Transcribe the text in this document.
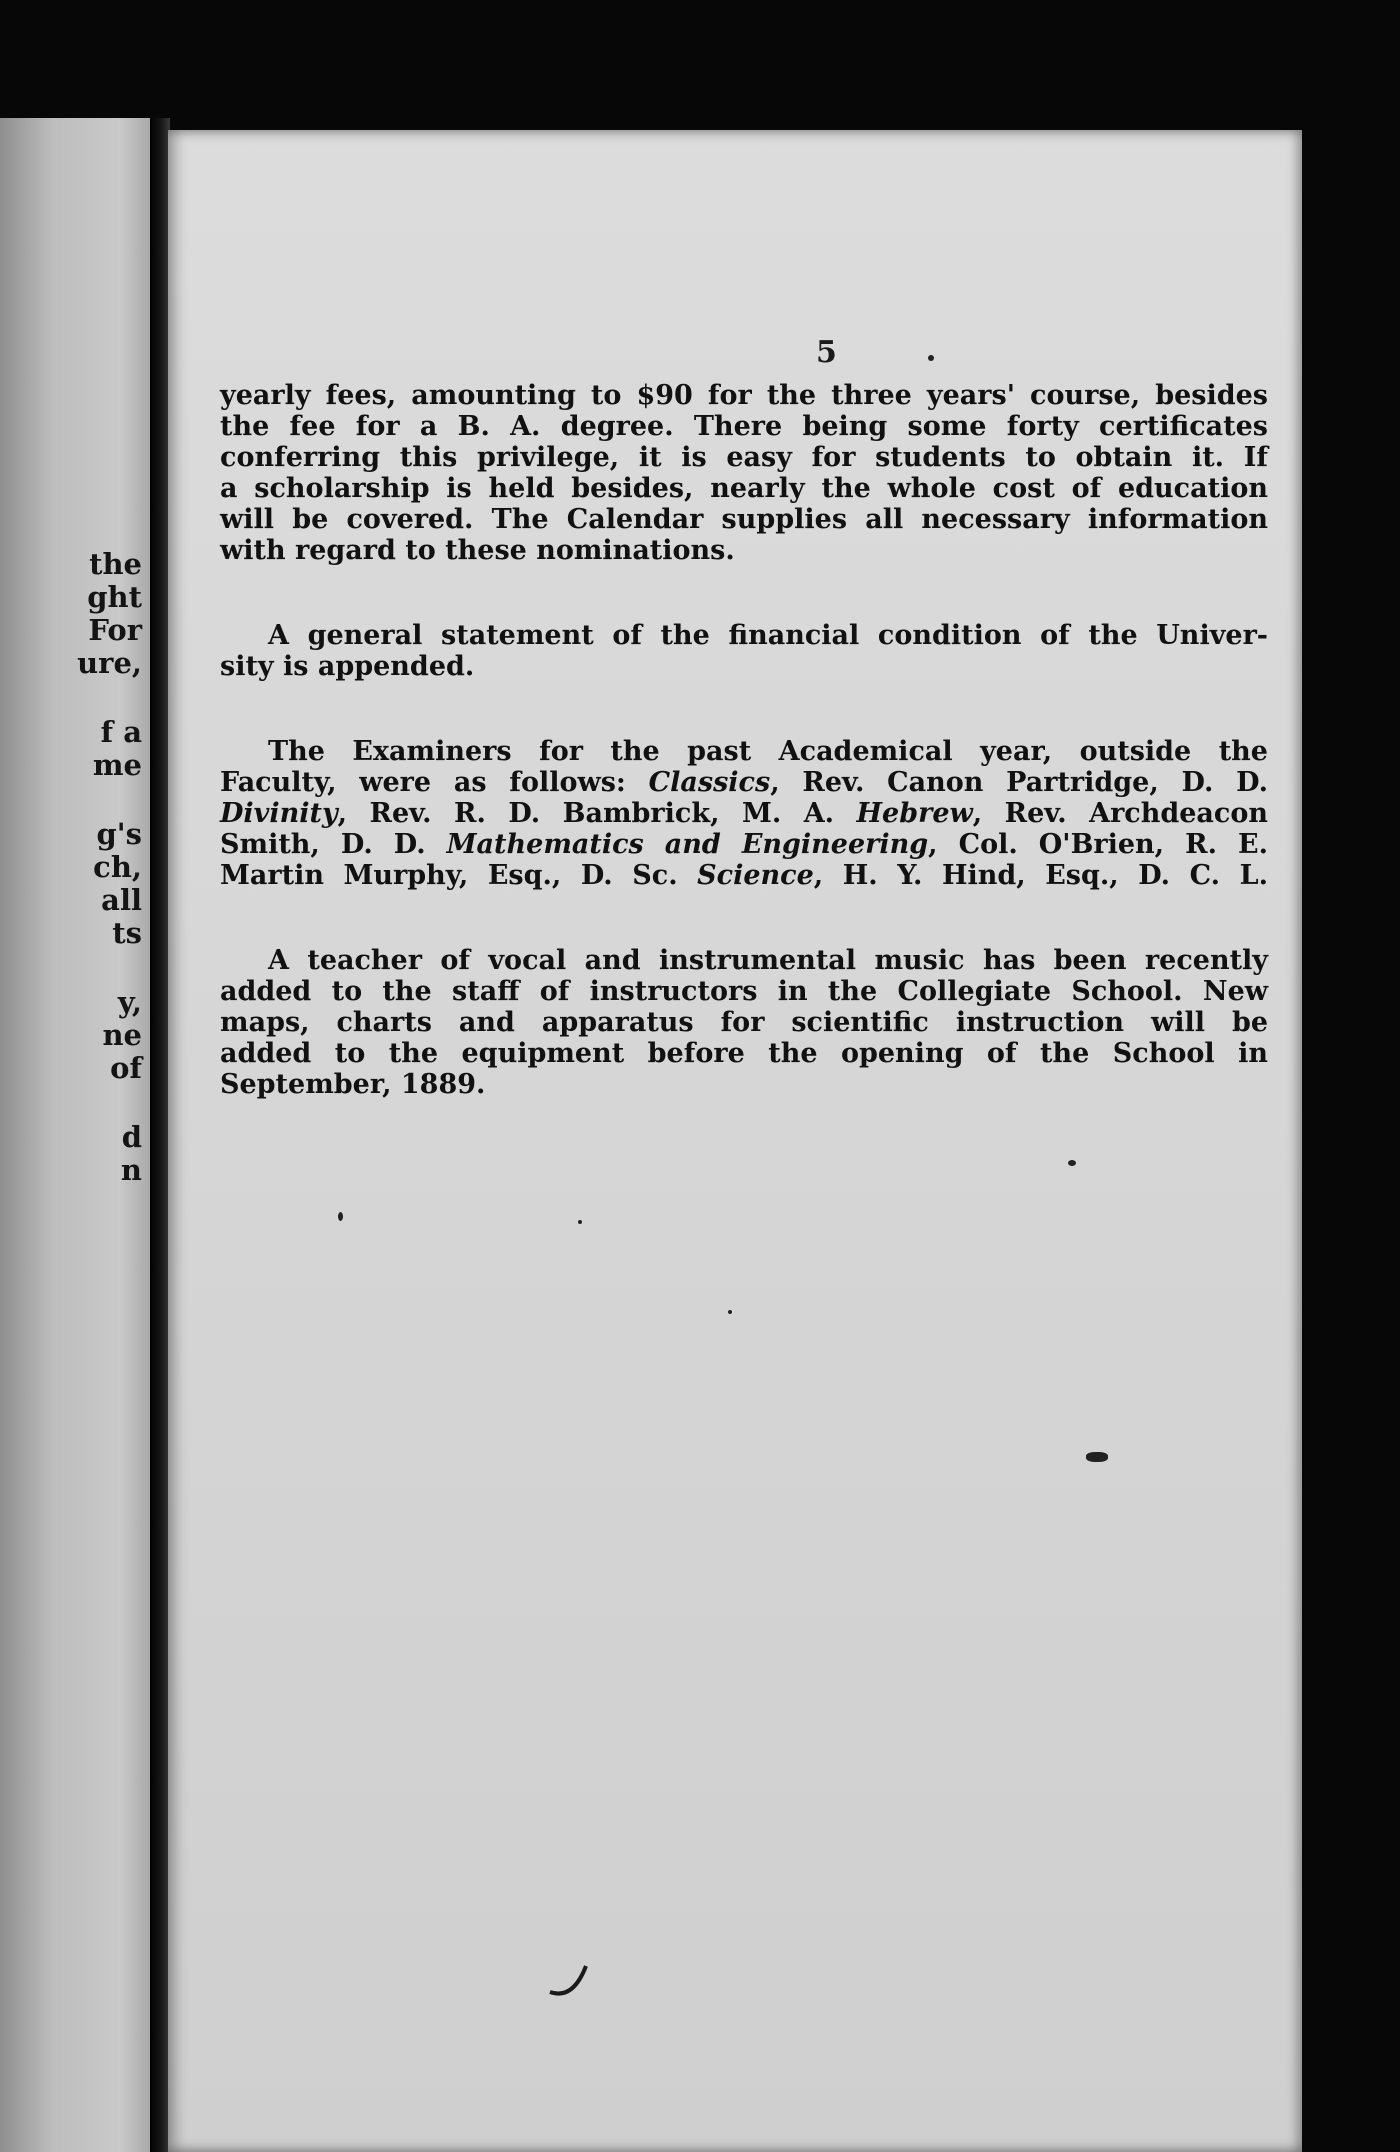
the
ght
For
ure,
f a
me
g's
ch,
all
ts
y,
ne
of
d
n
5
yearly fees, amounting to $90 for the three years' course, besides
the fee for a B. A. degree. There being some forty certificates
conferring this privilege, it is easy for students to obtain it. If
a scholarship is held besides, nearly the whole cost of education
will be covered. The Calendar supplies all necessary information
with regard to these nominations.
A general statement of the financial condition of the Univer-
sity is appended.
The Examiners for the past Academical year, outside the
Faculty, were as follows: Classics, Rev. Canon Partridge, D. D.
Divinity, Rev. R. D. Bambrick, M. A. Hebrew, Rev. Archdeacon
Smith, D. D. Mathematics and Engineering, Col. O'Brien, R. E.
Martin Murphy, Esq., D. Sc. Science, H. Y. Hind, Esq., D. C. L.
A teacher of vocal and instrumental music has been recently
added to the staff of instructors in the Collegiate School. New
maps, charts and apparatus for scientific instruction will be
added to the equipment before the opening of the School in
September, 1889.
